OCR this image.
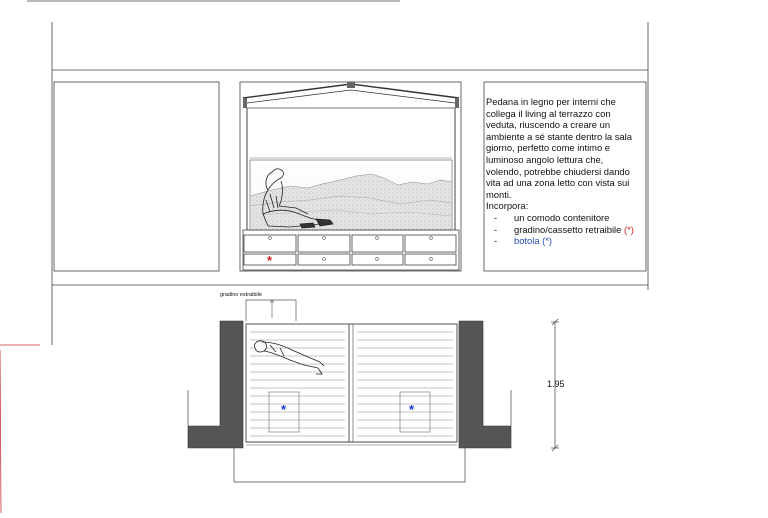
*
*	*
gradino estraibile
1.95

Pedana in legno per interni che collega il living al terrazzo con veduta, riuscendo a creare un ambiente a sé stante dentro la sala giorno, perfetto come intimo e luminoso angolo lettura che, volendo, potrebbe chiudersi dando vita ad una zona letto con vista sui monti.

Incorpora:

-	un comodo contenitore
-	gradino/cassetto retraibile (*)
-	botola (*)
